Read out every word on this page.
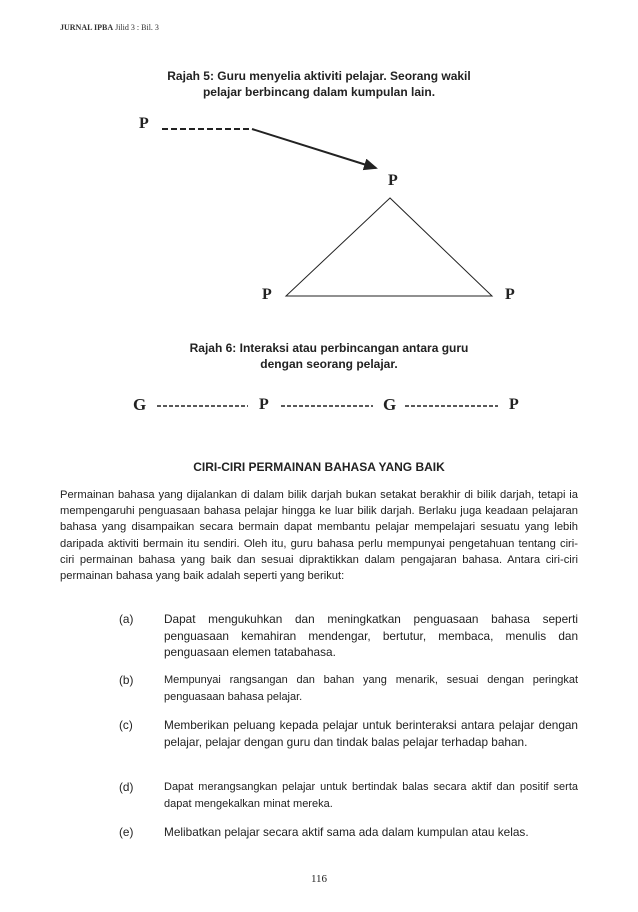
JURNAL IPBA Jilid 3 : Bil. 3
Rajah 5: Guru menyelia aktiviti pelajar. Seorang wakil
pelajar berbincang dalam kumpulan lain.
P
P
P	P
Rajah 6: Interaksi atau perbincangan antara guru
dengan seorang pelajar.
G	P	G	P
CIRI-CIRI PERMAINAN BAHASA YANG BAIK
Permainan bahasa yang dijalankan di dalam bilik darjah bukan setakat berakhir di bilik darjah, tetapi ia mempengaruhi penguasaan bahasa pelajar hingga ke luar bilik darjah. Berlaku juga keadaan pelajaran bahasa yang disampaikan secara bermain dapat membantu pelajar mempelajari sesuatu yang lebih daripada aktiviti bermain itu sendiri. Oleh itu, guru bahasa perlu mempunyai pengetahuan tentang ciri-ciri permainan bahasa yang baik dan sesuai dipraktikkan dalam pengajaran bahasa. Antara ciri-ciri permainan bahasa yang baik adalah seperti yang berikut:
(a)	Dapat mengukuhkan dan meningkatkan penguasaan bahasa seperti penguasaan kemahiran mendengar, bertutur, membaca, menulis dan penguasaan elemen tatabahasa.
(b)	Mempunyai rangsangan dan bahan yang menarik, sesuai dengan peringkat penguasaan bahasa pelajar.
(c)	Memberikan peluang kepada pelajar untuk berinteraksi antara pelajar dengan pelajar, pelajar dengan guru dan tindak balas pelajar terhadap bahan.
(d)	Dapat merangsangkan pelajar untuk bertindak balas secara aktif dan positif serta dapat mengekalkan minat mereka.
(e)	Melibatkan pelajar secara aktif sama ada dalam kumpulan atau kelas.
116
